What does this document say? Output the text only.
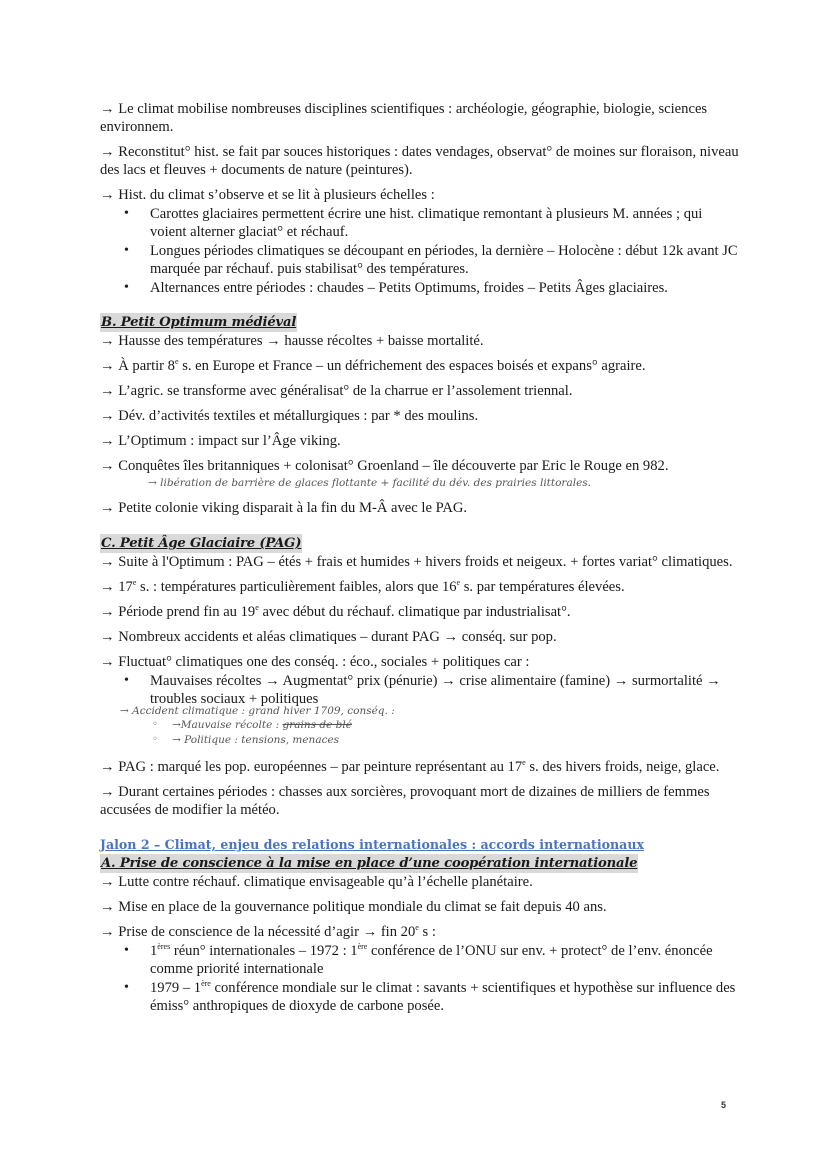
→ Le climat mobilise nombreuses disciplines scientifiques : archéologie, géographie, biologie, sciences environnem.

→ Reconstitut° hist. se fait par souces historiques : dates vendages, observat° de moines sur floraison, niveau des lacs et fleuves + documents de nature (peintures).

→ Hist. du climat s’observe et se lit à plusieurs échelles :

• Carottes glaciaires permettent écrire une hist. climatique remontant à plusieurs M. années ; qui voient alterner glaciat° et réchauf.
• Longues périodes climatiques se découpant en périodes, la dernière – Holocène : début 12k avant JC marquée par réchauf. puis stabilisat° des températures.
• Alternances entre périodes : chaudes – Petits Optimums, froides – Petits Âges glaciaires.
B. Petit Optimum médiéval

→ Hausse des températures → hausse récoltes + baisse mortalité.

→ À partir 8e s. en Europe et France – un défrichement des espaces boisés et expans° agraire.

→ L’agric. se transforme avec généralisat° de la charrue er l’assolement triennal.

→ Dév. d’activités textiles et métallurgiques : par * des moulins.

→ L’Optimum : impact sur l’Âge viking.

→ Conquêtes îles britanniques + colonisat° Groenland – île découverte par Eric le Rouge en 982.

→ libération de barrière de glaces flottante + facilité du dév. des prairies littorales.

→ Petite colonie viking disparait à la fin du M-Â avec le PAG.

C. Petit Âge Glaciaire (PAG)

→ Suite à l'Optimum : PAG – étés + frais et humides + hivers froids et neigeux. + fortes variat° climatiques.

→ $17^e$ s. : températures particulièrement faibles, alors que 16e s. par températures élevées.

→ Période prend fin au 19e avec début du réchauf. climatique par industrialisat°.

→ Nombreux accidents et aléas climatiques – durant PAG → conséq. sur pop.

→ Fluctuat° climatiques one des conséq. : éco., sociales + politiques car :

• Mauvaises récoltes → Augmentat° prix (pénurie) → crise alimentaire (famine) → surmortalité → troubles sociaux + politiques
→ Accident climatique : grand hiver 1709, conséq. :
◦ →Mauvaise récolte : grains de blé
◦ → Politique : tensions, menaces

→ PAG : marqué les pop. européennes – par peinture représentant au 17e s. des hivers froids, neige, glace.

→ Durant certaines périodes : chasses aux sorcières, provoquant mort de dizaines de milliers de femmes accusées de modifier la météo.

Jalon 2 – Climat, enjeu des relations internationales : accords internationaux
A. Prise de conscience à la mise en place d’une coopération internationale

→ Lutte contre réchauf. climatique envisageable qu’à l’échelle planétaire.

→ Mise en place de la gouvernance politique mondiale du climat se fait depuis 40 ans.

→ Prise de conscience de la nécessité d’agir → fin 20e s :

• 1ères réun° internationales – 1972 : 1ère conférence de l’ONU sur env. + protect° de l’env. énoncée comme priorité internationale
• 1979 – 1ère conférence mondiale sur le climat : savants + scientifiques et hypothèse sur influence des émiss° anthropiques de dioxyde de carbone posée.
5
